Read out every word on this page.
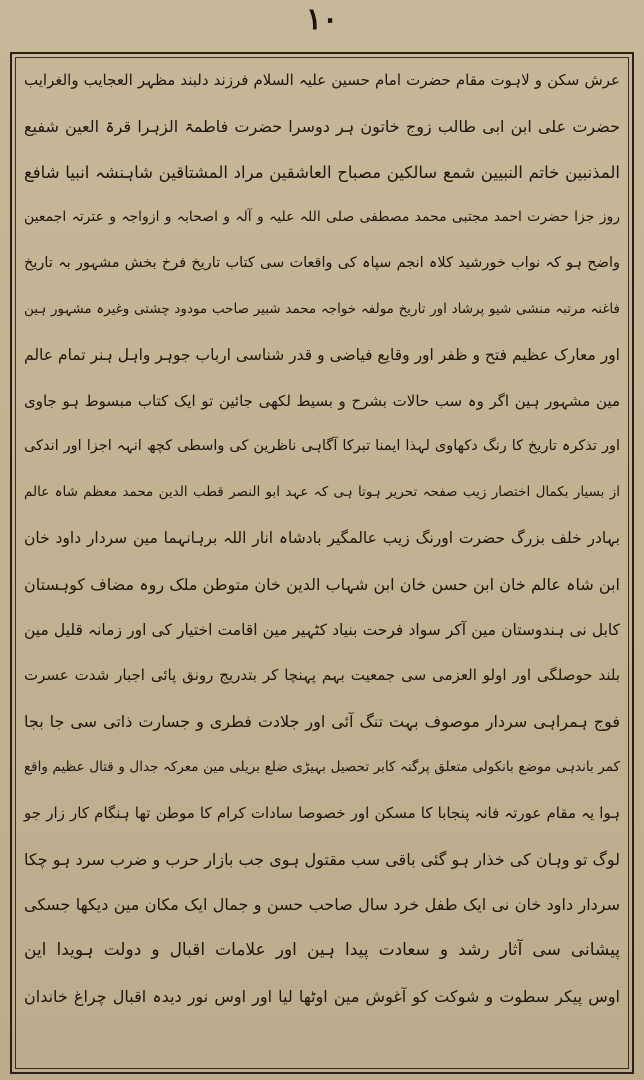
۱۰
عرش سکن و لاہوت مقام حضرت امام حسین علیہ السلام فرزند دلبند مظہر العجایب والغرایب
حضرت علی ابن ابی طالب زوج خاتون ہر دوسرا حضرت فاطمۃ الزہرا قرۃ العین شفیع
المذنبین خاتم النبیین شمع سالکین مصباح العاشقین مراد المشتاقین شاہنشہ انبیا شافع
روز جزا حضرت احمد مجتبی محمد مصطفی صلی اللہ علیہ و آلہ و اصحابہ و ازواجہ و عترتہ اجمعین
واضح ہو کہ نواب خورشید کلاہ انجم سپاہ کی واقعات سی کتاب تاریخ فرخ بخش مشہور بہ تاریخ
فاغنہ مرتبہ منشی شیو پرشاد اور تاریخ مولفہ خواجہ محمد شبیر صاحب مودود چشتی وغیرہ مشہور ہین
اور معارک عظیم فتح و ظفر اور وقایع فیاضی و قدر شناسی ارباب جوہر واہل ہنر تمام عالم
مین مشہور ہین اگر وہ سب حالات بشرح و بسیط لکھی جائین تو ایک کتاب مبسوط ہو جاوی
اور تذکرہ تاریخ کا رنگ دکھاوی لہذا ایمنا تبرکا آگاہی ناظرین کی واسطی کچھ انہہ اجزا اور اندکی
از بسیار بکمال اختصار زیب صفحہ تحریر ہوتا ہی کہ عہد ابو النصر قطب الدین محمد معظم شاہ عالم
بہادر خلف بزرگ حضرت اورنگ زیب عالمگیر بادشاہ انار اللہ برہانہما مین سردار داود خان
ابن شاہ عالم خان ابن حسن خان ابن شہاب الدین خان متوطن ملک روہ مضاف کوہستان
کابل نی ہندوستان مین آکر سواد فرحت بنیاد کٹہیر مین اقامت اختیار کی اور زمانہ قلیل مین
بلند حوصلگی اور اولو العزمی سی جمعیت بہم پہنچا کر بتدریج رونق پائی اجبار شدت عسرت
فوج ہمراہی سردار موصوف بہت تنگ آئی اور جلادت فطری و جسارت ذاتی سی جا بجا
کمر باندہی موضع بانکولی متعلق پرگنہ کابر تحصیل بہیڑی ضلع بریلی مین معرکہ جدال و قتال عظیم واقع
ہوا یہ مقام عورتہ فانہ پنجابا کا مسکن اور خصوصا سادات کرام کا موطن تھا ہنگام کار زار جو
لوگ تو وہان کی خذار ہو گئی باقی سب مقتول ہوی جب بازار حرب و ضرب سرد ہو چکا
سردار داود خان نی ایک طفل خرد سال صاحب حسن و جمال ایک مکان مین دیکھا جسکی
پیشانی سی آثار رشد و سعادت پیدا ہین اور علامات اقبال و دولت ہویدا این
اوس پیکر سطوت و شوکت کو آغوش مین اوٹھا لیا اور اوس نور دیدہ اقبال چراغ خاندان
